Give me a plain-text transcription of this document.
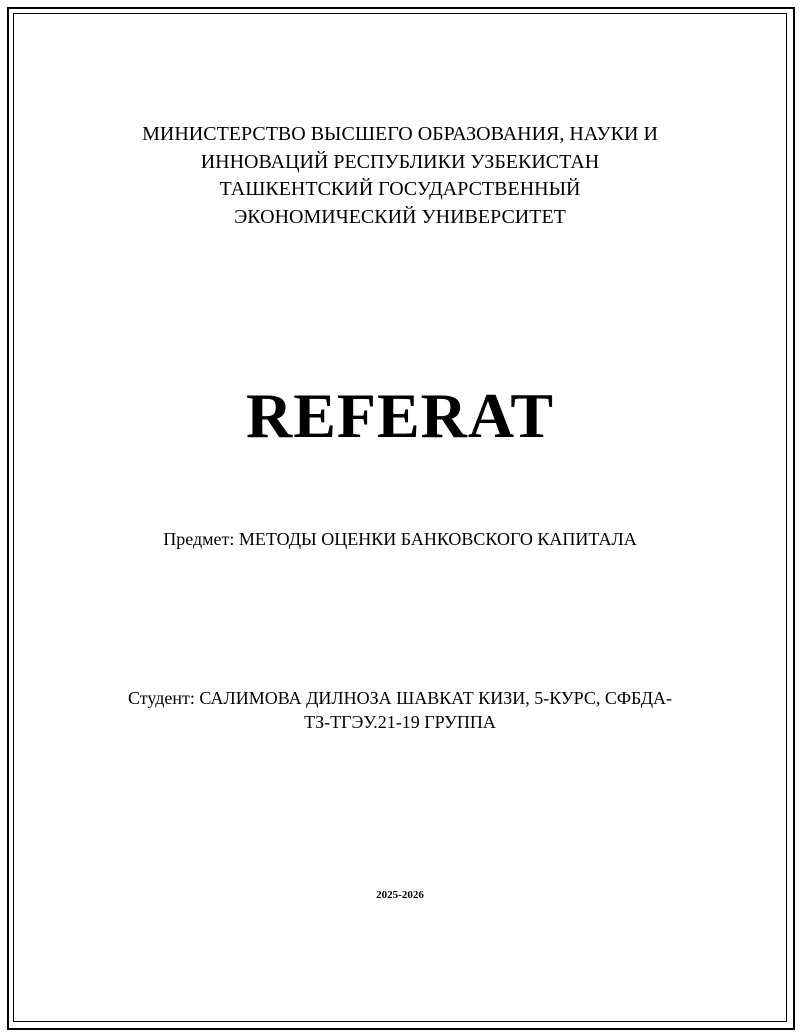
МИНИСТЕРСТВО ВЫСШЕГО ОБРАЗОВАНИЯ, НАУКИ И
ИННОВАЦИЙ РЕСПУБЛИКИ УЗБЕКИСТАН
ТАШКЕНТСКИЙ ГОСУДАРСТВЕННЫЙ
ЭКОНОМИЧЕСКИЙ УНИВЕРСИТЕТ
REFERAT
Предмет: МЕТОДЫ ОЦЕНКИ БАНКОВСКОГО КАПИТАЛА
Студент: САЛИМОВА ДИЛНОЗА ШАВКАТ КИЗИ, 5-КУРС, СФБДА-
ТЗ-ТГЭУ.21-19 ГРУППА
2025-2026
